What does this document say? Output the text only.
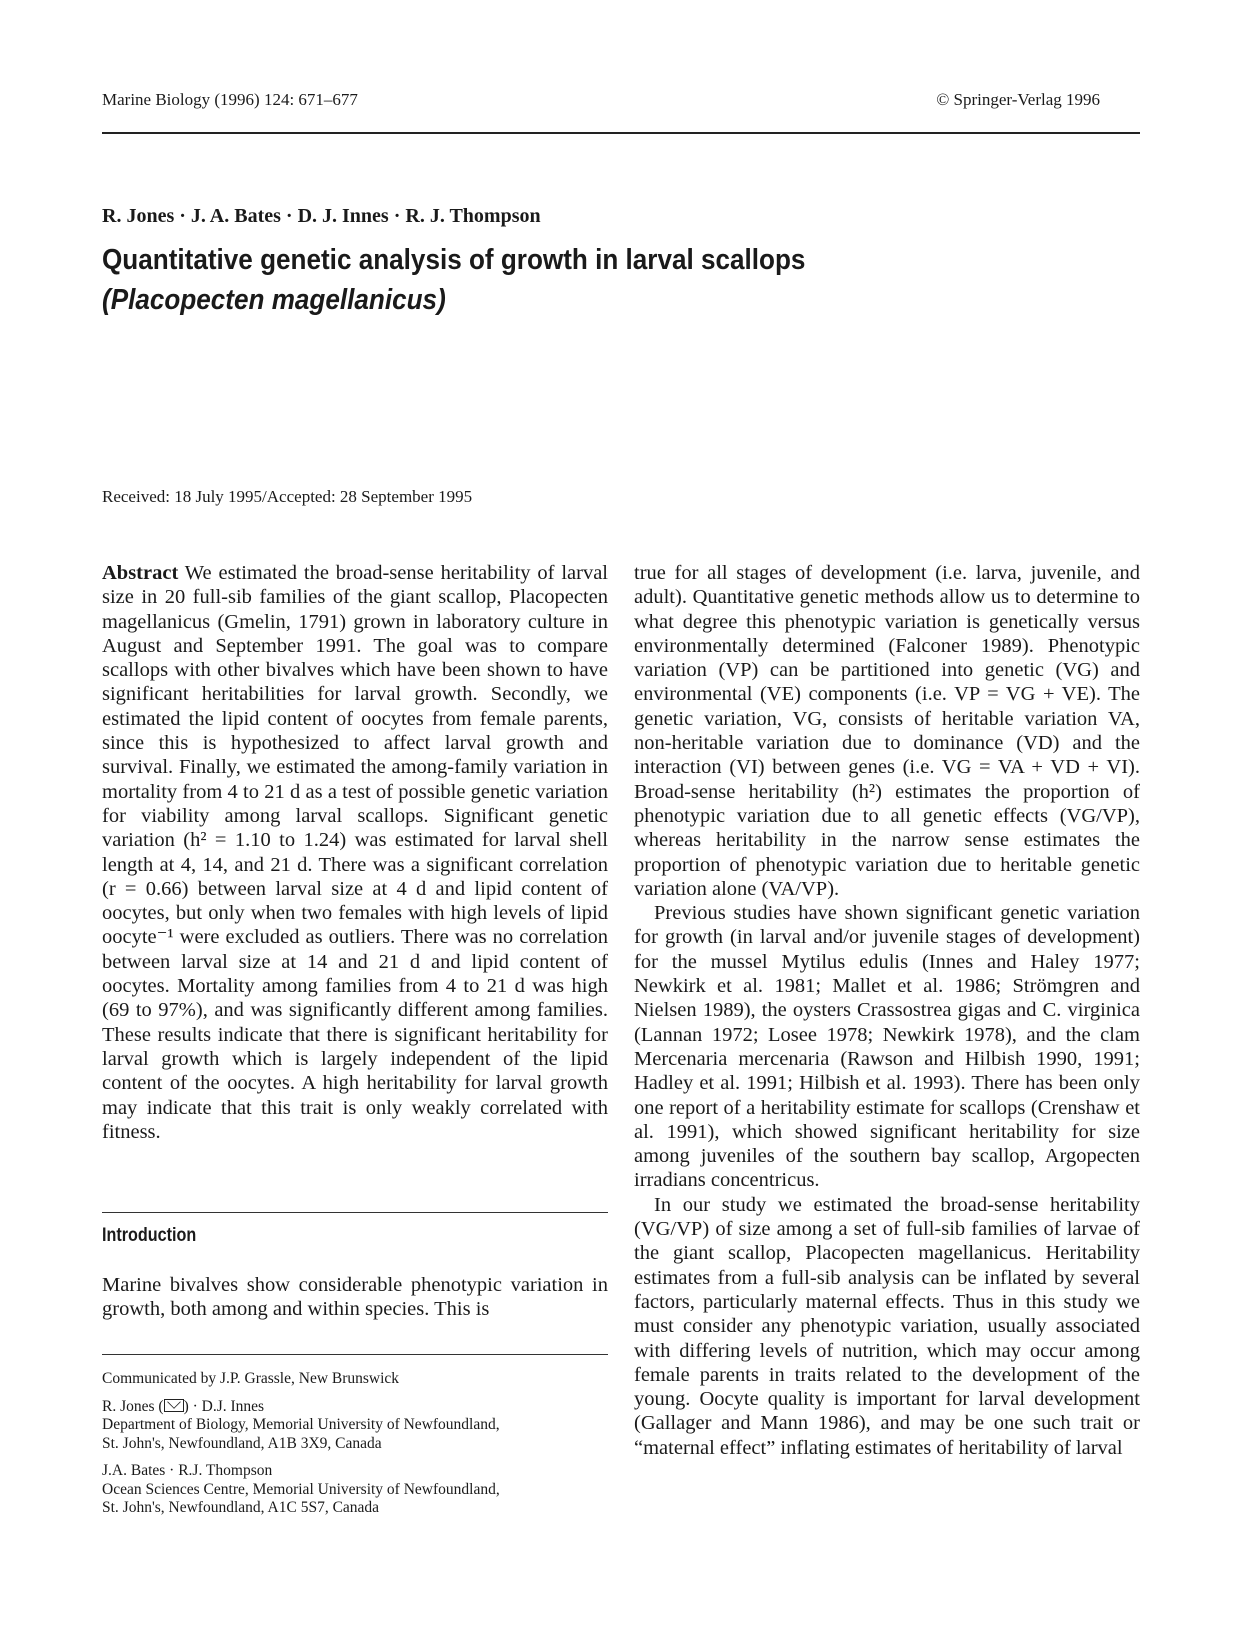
Marine Biology (1996) 124: 671–677	© Springer-Verlag 1996
R. Jones · J. A. Bates · D. J. Innes · R. J. Thompson
Quantitative genetic analysis of growth in larval scallops
(Placopecten magellanicus)
Received: 18 July 1995/Accepted: 28 September 1995

Abstract We estimated the broad-sense heritability of larval size in 20 full-sib families of the giant scallop, Placopecten magellanicus (Gmelin, 1791) grown in laboratory culture in August and September 1991. The goal was to compare scallops with other bivalves which have been shown to have significant heritabilities for larval growth. Secondly, we estimated the lipid content of oocytes from female parents, since this is hypothesized to affect larval growth and survival. Finally, we estimated the among-family variation in mortality from 4 to 21 d as a test of possible genetic variation for viability among larval scallops. Significant genetic variation (h² = 1.10 to 1.24) was estimated for larval shell length at 4, 14, and 21 d. There was a significant correlation (r = 0.66) between larval size at 4 d and lipid content of oocytes, but only when two females with high levels of lipid oocyte⁻¹ were excluded as outliers. There was no correlation between larval size at 14 and 21 d and lipid content of oocytes. Mortality among families from 4 to 21 d was high (69 to 97%), and was significantly different among families. These results indicate that there is significant heritability for larval growth which is largely independent of the lipid content of the oocytes. A high heritability for larval growth may indicate that this trait is only weakly correlated with fitness.

Introduction
Marine bivalves show considerable phenotypic variation in growth, both among and within species. This is

Communicated by J.P. Grassle, New Brunswick

R. Jones ( ) · D.J. Innes
Department of Biology, Memorial University of Newfoundland,
St. John's, Newfoundland, A1B 3X9, Canada

J.A. Bates · R.J. Thompson
Ocean Sciences Centre, Memorial University of Newfoundland,
St. John's, Newfoundland, A1C 5S7, Canada

true for all stages of development (i.e. larva, juvenile, and adult). Quantitative genetic methods allow us to determine to what degree this phenotypic variation is genetically versus environmentally determined (Falconer 1989). Phenotypic variation (VP) can be partitioned into genetic (VG) and environmental (VE) components (i.e. VP = VG + VE). The genetic variation, VG, consists of heritable variation VA, non-heritable variation due to dominance (VD) and the interaction (VI) between genes (i.e. VG = VA + VD + VI). Broad-sense heritability (h²) estimates the proportion of phenotypic variation due to all genetic effects (VG/VP), whereas heritability in the narrow sense estimates the proportion of phenotypic variation due to heritable genetic variation alone (VA/VP).

Previous studies have shown significant genetic variation for growth (in larval and/or juvenile stages of development) for the mussel Mytilus edulis (Innes and Haley 1977; Newkirk et al. 1981; Mallet et al. 1986; Strömgren and Nielsen 1989), the oysters Crassostrea gigas and C. virginica (Lannan 1972; Losee 1978; Newkirk 1978), and the clam Mercenaria mercenaria (Rawson and Hilbish 1990, 1991; Hadley et al. 1991; Hilbish et al. 1993). There has been only one report of a heritability estimate for scallops (Crenshaw et al. 1991), which showed significant heritability for size among juveniles of the southern bay scallop, Argopecten irradians concentricus.

In our study we estimated the broad-sense heritability (VG/VP) of size among a set of full-sib families of larvae of the giant scallop, Placopecten magellanicus. Heritability estimates from a full-sib analysis can be inflated by several factors, particularly maternal effects. Thus in this study we must consider any phenotypic variation, usually associated with differing levels of nutrition, which may occur among female parents in traits related to the development of the young. Oocyte quality is important for larval development (Gallager and Mann 1986), and may be one such trait or “maternal effect” inflating estimates of heritability of larval
